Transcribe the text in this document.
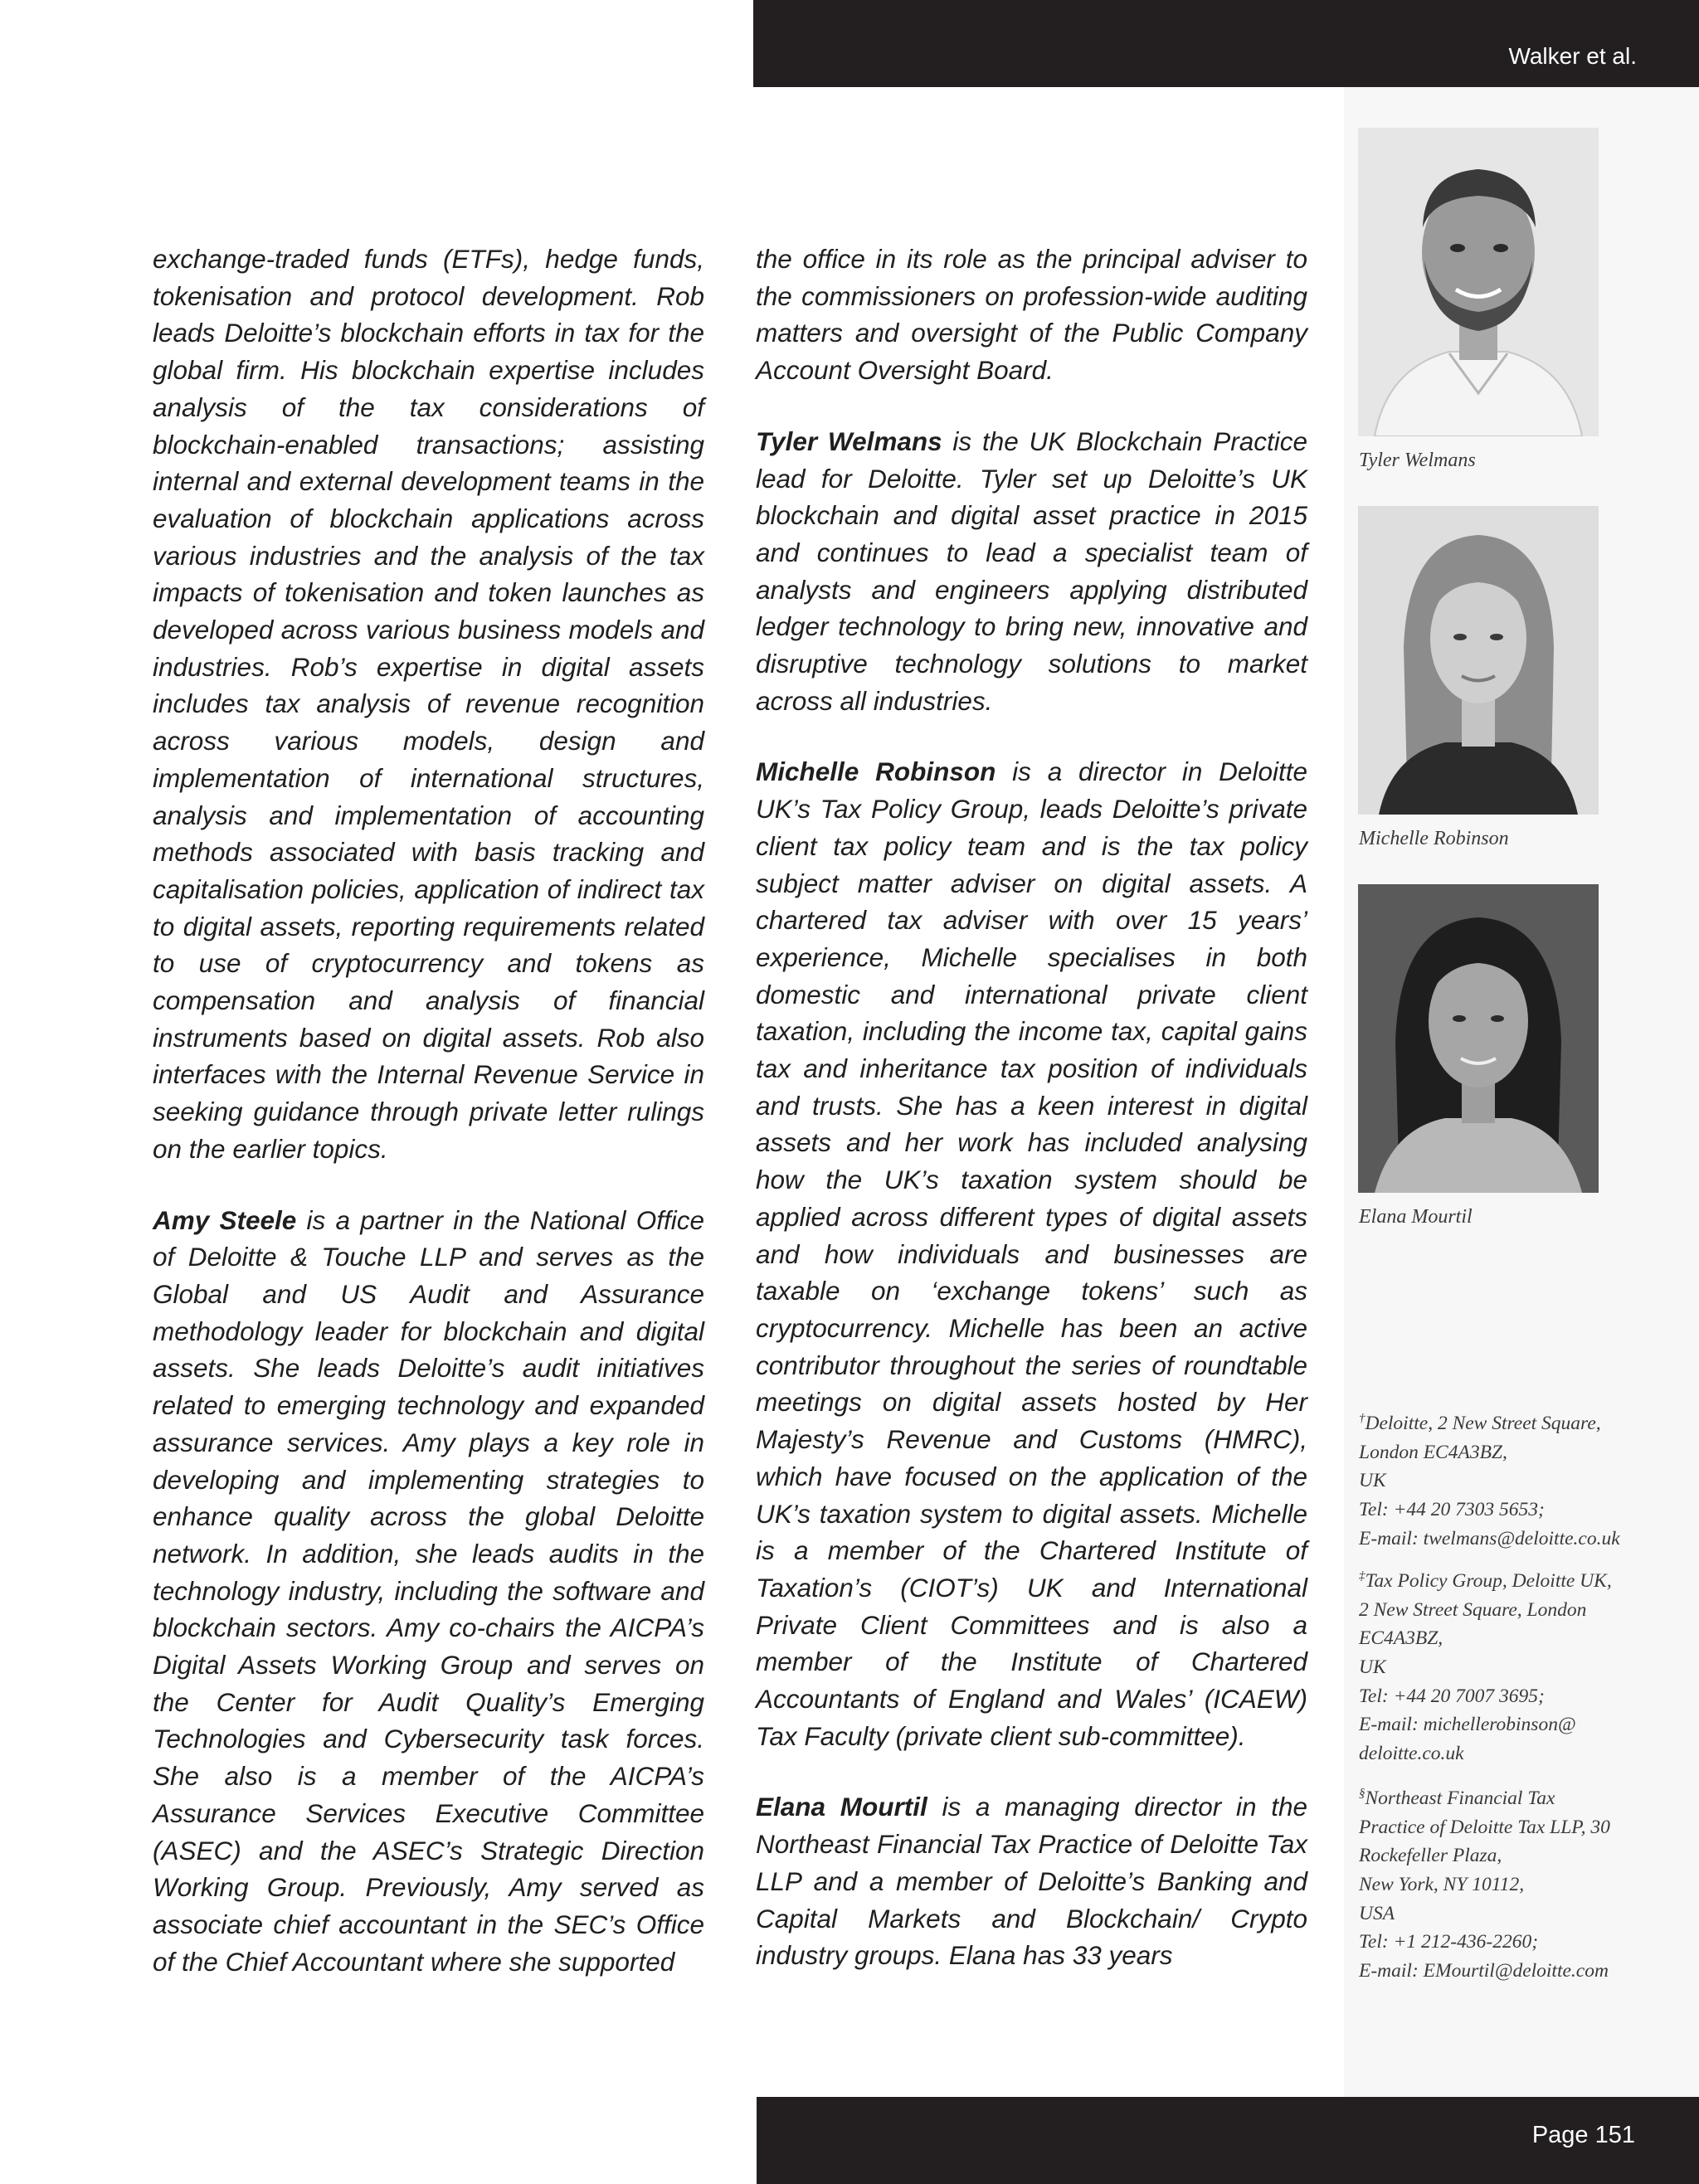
Walker et al.

exchange-traded funds (ETFs), hedge funds, tokenisation and protocol development. Rob leads Deloitte’s blockchain efforts in tax for the global firm. His blockchain expertise includes analysis of the tax considerations of blockchain-enabled transactions; assisting internal and external development teams in the evaluation of blockchain applications across various industries and the analysis of the tax impacts of tokenisation and token launches as developed across various business models and industries. Rob’s expertise in digital assets includes tax analysis of revenue recognition across various models, design and implementation of international structures, analysis and implementation of accounting methods associated with basis tracking and capitalisation policies, application of indirect tax to digital assets, reporting requirements related to use of cryptocurrency and tokens as compensation and analysis of financial instruments based on digital assets. Rob also interfaces with the Internal Revenue Service in seeking guidance through private letter rulings on the earlier topics.

Amy Steele is a partner in the National Office of Deloitte & Touche LLP and serves as the Global and US Audit and Assurance methodology leader for blockchain and digital assets. She leads Deloitte’s audit initiatives related to emerging technology and expanded assurance services. Amy plays a key role in developing and implementing strategies to enhance quality across the global Deloitte network. In addition, she leads audits in the technology industry, including the software and blockchain sectors. Amy co-chairs the AICPA’s Digital Assets Working Group and serves on the Center for Audit Quality’s Emerging Technologies and Cybersecurity task forces. She also is a member of the AICPA’s Assurance Services Executive Committee (ASEC) and the ASEC’s Strategic Direction Working Group. Previously, Amy served as associate chief accountant in the SEC’s Office of the Chief Accountant where she supported

the office in its role as the principal adviser to the commissioners on profession-wide auditing matters and oversight of the Public Company Account Oversight Board.

Tyler Welmans is the UK Blockchain Practice lead for Deloitte. Tyler set up Deloitte’s UK blockchain and digital asset practice in 2015 and continues to lead a specialist team of analysts and engineers applying distributed ledger technology to bring new, innovative and disruptive technology solutions to market across all industries.

Michelle Robinson is a director in Deloitte UK’s Tax Policy Group, leads Deloitte’s private client tax policy team and is the tax policy subject matter adviser on digital assets. A chartered tax adviser with over 15 years’ experience, Michelle specialises in both domestic and international private client taxation, including the income tax, capital gains tax and inheritance tax position of individuals and trusts. She has a keen interest in digital assets and her work has included analysing how the UK’s taxation system should be applied across different types of digital assets and how individuals and businesses are taxable on ‘exchange tokens’ such as cryptocurrency. Michelle has been an active contributor throughout the series of roundtable meetings on digital assets hosted by Her Majesty’s Revenue and Customs (HMRC), which have focused on the application of the UK’s taxation system to digital assets. Michelle is a member of the Chartered Institute of Taxation’s (CIOT’s) UK and International Private Client Committees and is also a member of the Institute of Chartered Accountants of England and Wales’ (ICAEW) Tax Faculty (private client sub-committee).

Elana Mourtil is a managing director in the Northeast Financial Tax Practice of Deloitte Tax LLP and a member of Deloitte’s Banking and Capital Markets and Blockchain/ Crypto industry groups. Elana has 33 years

Tyler Welmans
Michelle Robinson
Elana Mourtil
†Deloitte, 2 New Street Square,
London EC4A3BZ,
UK
Tel: +44 20 7303 5653;
E-mail: twelmans@deloitte.co.uk
‡Tax Policy Group, Deloitte UK,
2 New Street Square, London
EC4A3BZ,
UK
Tel: +44 20 7007 3695;
E-mail: michellerobinson@
deloitte.co.uk
§Northeast Financial Tax
Practice of Deloitte Tax LLP, 30
Rockefeller Plaza,
New York, NY 10112,
USA
Tel: +1 212-436-2260;
E-mail: EMourtil@deloitte.com
Page 151
